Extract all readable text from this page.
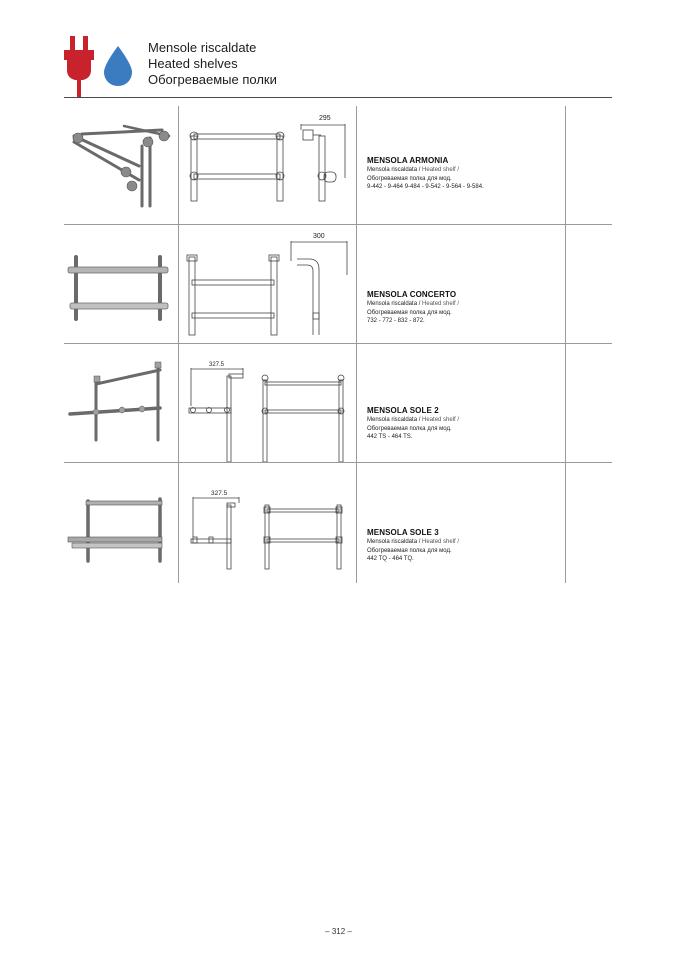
Mensole riscaldate
Heated shelves
Обогреваемые полки
295
MENSOLA ARMONIA
Mensola riscaldata / Heated shelf /
Обогреваемая полка для мод.
9-442 - 9-464 9-484 - 9-542 - 9-564 - 9-584.
300
MENSOLA CONCERTO
Mensola riscaldata / Heated shelf /
Обогреваемая полка для мод.
732 - 772 - 832 - 872.
327.5
MENSOLA SOLE 2
Mensola riscaldata / Heated shelf /
Обогреваемая полка для мод.
442 TS - 464 TS.
327.5
MENSOLA SOLE 3
Mensola riscaldata / Heated shelf /
Обогреваемая полка для мод.
442 TQ - 464 TQ.
– 312 –
